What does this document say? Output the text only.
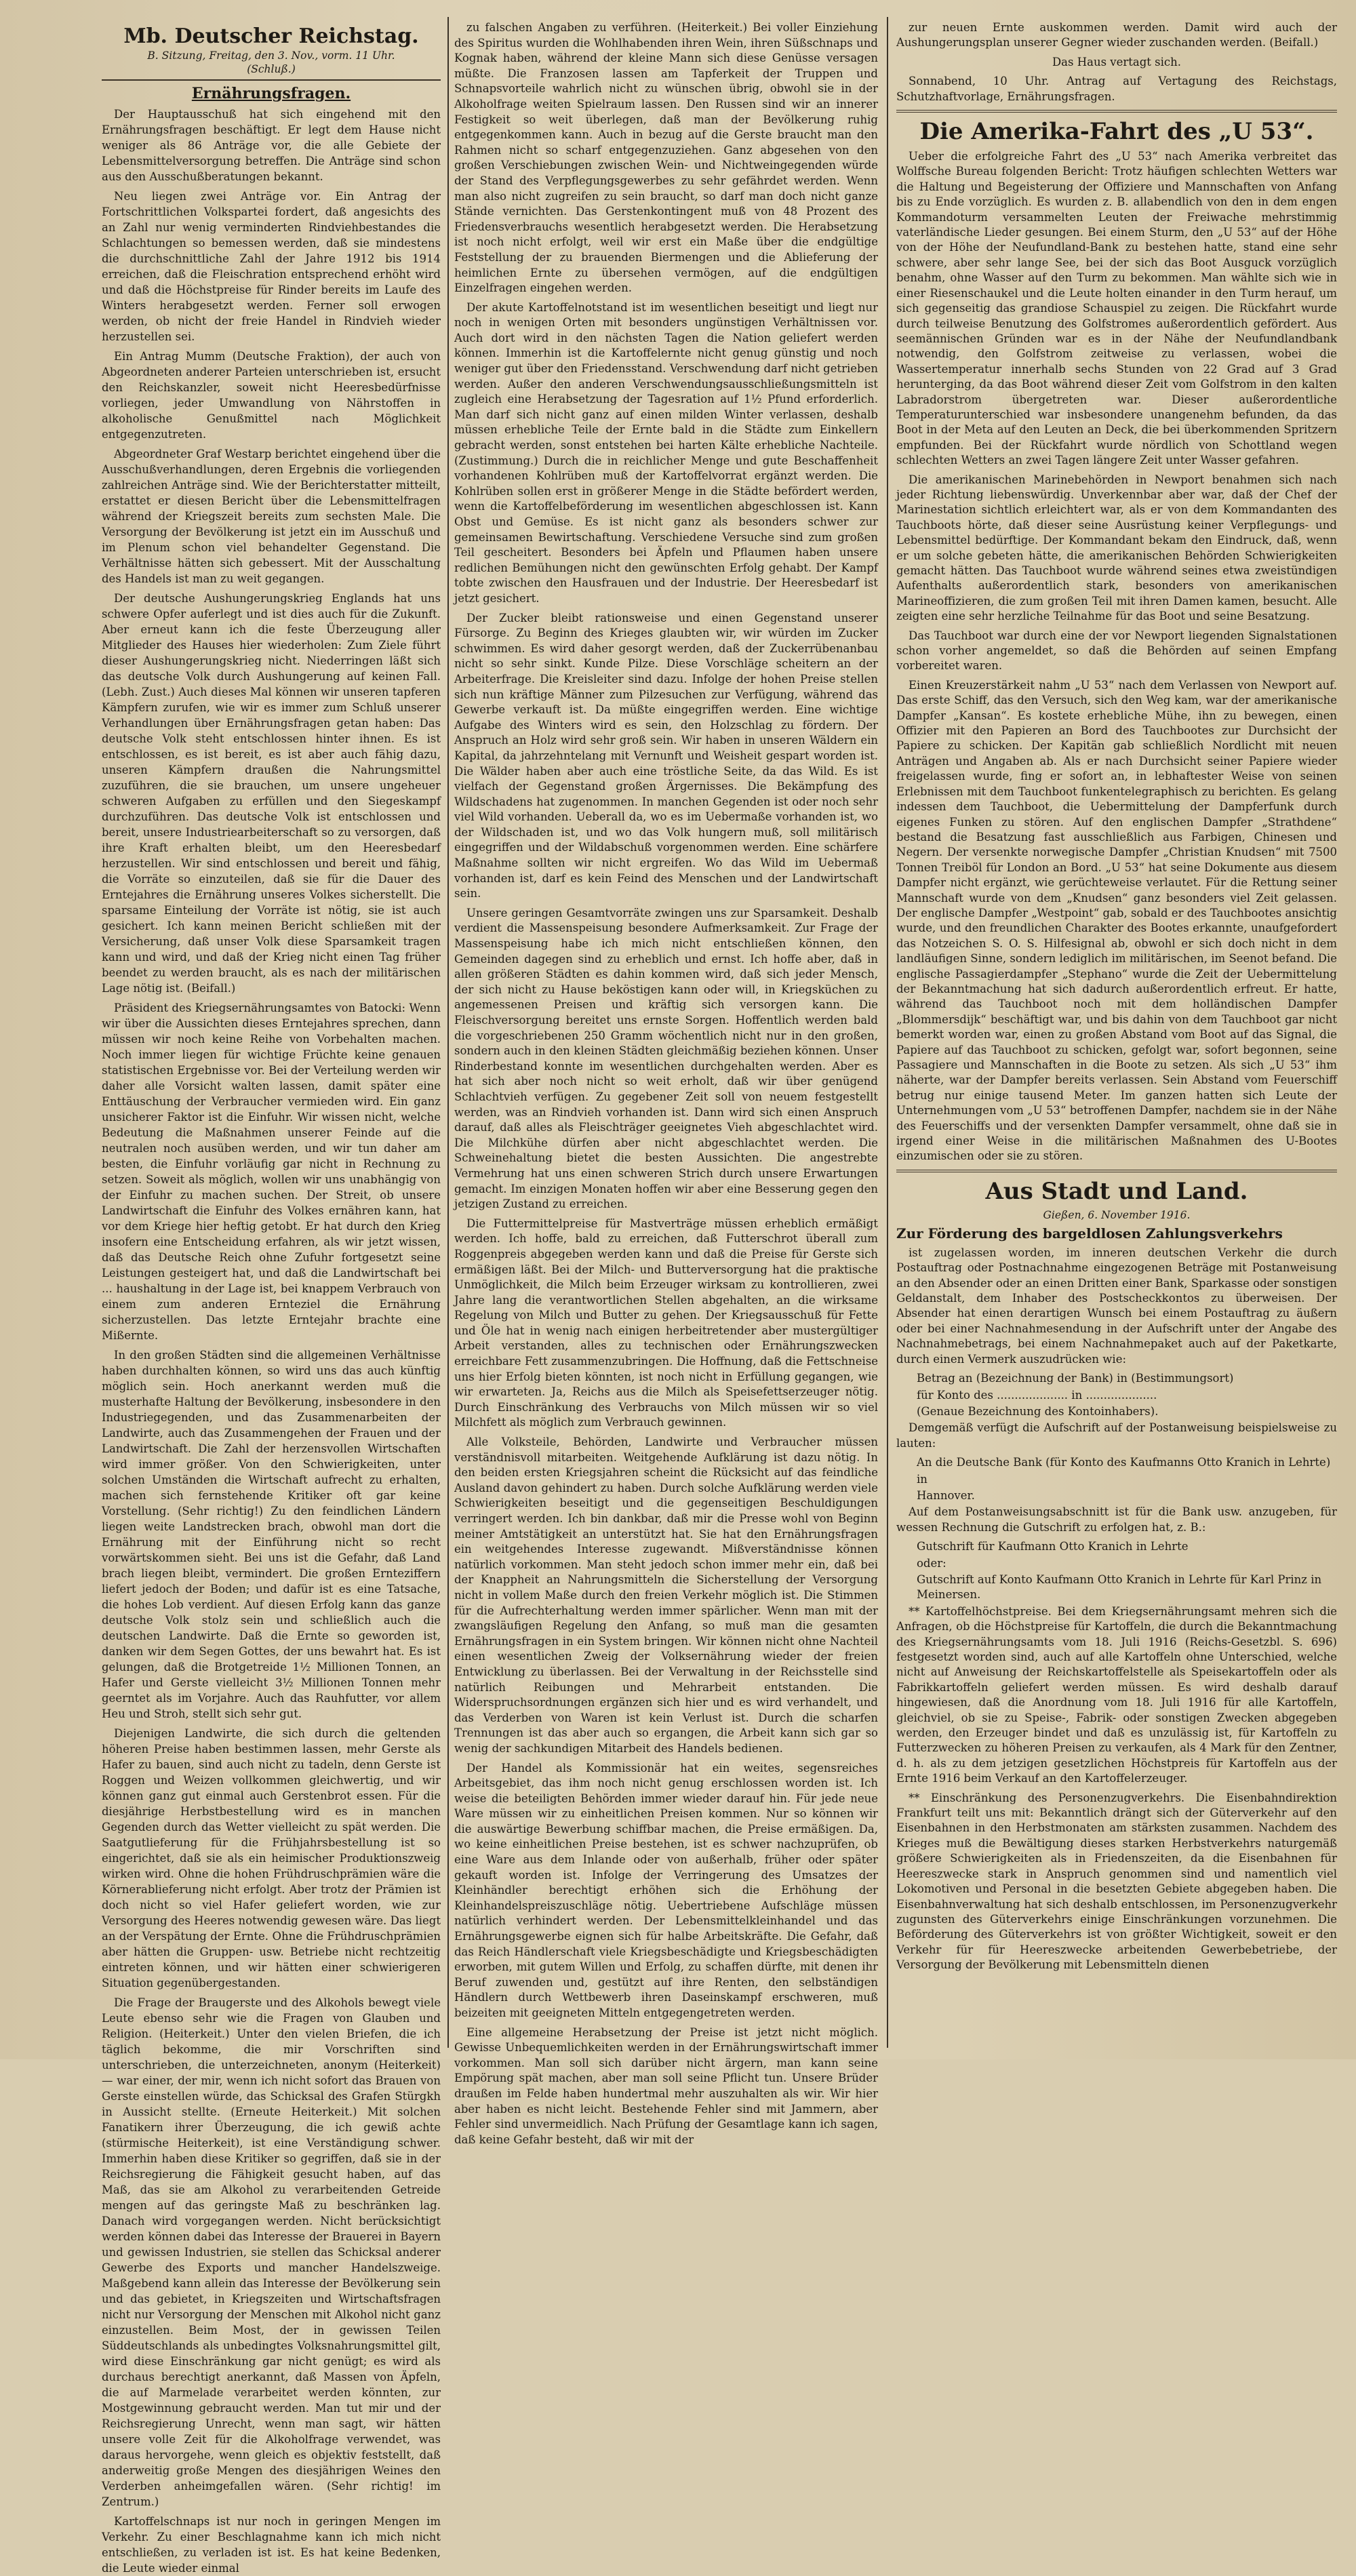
Mb. Deutscher Reichstag.
B. Sitzung, Freitag, den 3. Nov., vorm. 11 Uhr.
(Schluß.)
Ernährungsfragen.

Der Hauptausschuß hat sich eingehend mit den Ernährungsfragen beschäftigt. Er legt dem Hause nicht weniger als 86 Anträge vor, die alle Gebiete der Lebensmittelversorgung betreffen. Die Anträge sind schon aus den Ausschußberatungen bekannt.

Neu liegen zwei Anträge vor. Ein Antrag der Fortschrittlichen Volkspartei fordert, daß angesichts des an Zahl nur wenig verminderten Rindviehbestandes die Schlachtungen so bemessen werden, daß sie mindestens die durchschnittliche Zahl der Jahre 1912 bis 1914 erreichen, daß die Fleischration entsprechend erhöht wird und daß die Höchstpreise für Rinder bereits im Laufe des Winters herabgesetzt werden. Ferner soll erwogen werden, ob nicht der freie Handel in Rindvieh wieder herzustellen sei.

Ein Antrag Mumm (Deutsche Fraktion), der auch von Abgeordneten anderer Parteien unterschrieben ist, ersucht den Reichskanzler, soweit nicht Heeresbedürfnisse vorliegen, jeder Umwandlung von Nährstoffen in alkoholische Genußmittel nach Möglichkeit entgegenzutreten.

Abgeordneter Graf Westarp berichtet eingehend über die Ausschußverhandlungen, deren Ergebnis die vorliegenden zahlreichen Anträge sind. Wie der Berichterstatter mitteilt, erstattet er diesen Bericht über die Lebensmittelfragen während der Kriegszeit bereits zum sechsten Male. Die Versorgung der Bevölkerung ist jetzt ein im Ausschuß und im Plenum schon viel behandelter Gegenstand. Die Verhältnisse hätten sich gebessert. Mit der Ausschaltung des Handels ist man zu weit gegangen.

Der deutsche Aushungerungskrieg Englands hat uns schwere Opfer auferlegt und ist dies auch für die Zukunft. Aber erneut kann ich die feste Überzeugung aller Mitglieder des Hauses hier wiederholen: Zum Ziele führt dieser Aushungerungskrieg nicht. Niederringen läßt sich das deutsche Volk durch Aushungerung auf keinen Fall. (Lebh. Zust.) Auch dieses Mal können wir unseren tapferen Kämpfern zurufen, wie wir es immer zum Schluß unserer Verhandlungen über Ernährungsfragen getan haben: Das deutsche Volk steht entschlossen hinter ihnen. Es ist entschlossen, es ist bereit, es ist aber auch fähig dazu, unseren Kämpfern draußen die Nahrungsmittel zuzuführen, die sie brauchen, um unsere ungeheuer schweren Aufgaben zu erfüllen und den Siegeskampf durchzuführen. Das deutsche Volk ist entschlossen und bereit, unsere Industriearbeiterschaft so zu versorgen, daß ihre Kraft erhalten bleibt, um den Heeresbedarf herzustellen. Wir sind entschlossen und bereit und fähig, die Vorräte so einzuteilen, daß sie für die Dauer des Erntejahres die Ernährung unseres Volkes sicherstellt. Die sparsame Einteilung der Vorräte ist nötig, sie ist auch gesichert. Ich kann meinen Bericht schließen mit der Versicherung, daß unser Volk diese Sparsamkeit tragen kann und wird, und daß der Krieg nicht einen Tag früher beendet zu werden braucht, als es nach der militärischen Lage nötig ist. (Beifall.)

Präsident des Kriegsernährungsamtes von Batocki: Wenn wir über die Aussichten dieses Erntejahres sprechen, dann müssen wir noch keine Reihe von Vorbehalten machen. Noch immer liegen für wichtige Früchte keine genauen statistischen Ergebnisse vor. Bei der Verteilung werden wir daher alle Vorsicht walten lassen, damit später eine Enttäuschung der Verbraucher vermieden wird. Ein ganz unsicherer Faktor ist die Einfuhr. Wir wissen nicht, welche Bedeutung die Maßnahmen unserer Feinde auf die neutralen noch ausüben werden, und wir tun daher am besten, die Einfuhr vorläufig gar nicht in Rechnung zu setzen. Soweit als möglich, wollen wir uns unabhängig von der Einfuhr zu machen suchen. Der Streit, ob unsere Landwirtschaft die Einfuhr des Volkes ernähren kann, hat vor dem Kriege hier heftig getobt. Er hat durch den Krieg insofern eine Entscheidung erfahren, als wir jetzt wissen, daß das Deutsche Reich ohne Zufuhr fortgesetzt seine Leistungen gesteigert hat, und daß die Landwirtschaft bei ... haushaltung in der Lage ist, bei knappem Verbrauch von einem zum anderen Ernteziel die Ernährung sicherzustellen. Das letzte Erntejahr brachte eine Mißernte.

In den großen Städten sind die allgemeinen Verhältnisse haben durchhalten können, so wird uns das auch künftig möglich sein. Hoch anerkannt werden muß die musterhafte Haltung der Bevölkerung, insbesondere in den Industriegegenden, und das Zusammenarbeiten der Landwirte, auch das Zusammengehen der Frauen und der Landwirtschaft. Die Zahl der herzensvollen Wirtschaften wird immer größer. Von den Schwierigkeiten, unter solchen Umständen die Wirtschaft aufrecht zu erhalten, machen sich fernstehende Kritiker oft gar keine Vorstellung. (Sehr richtig!) Zu den feindlichen Ländern liegen weite Landstrecken brach, obwohl man dort die Ernährung mit der Einführung nicht so recht vorwärtskommen sieht. Bei uns ist die Gefahr, daß Land brach liegen bleibt, vermindert. Die großen Ernteziffern liefert jedoch der Boden; und dafür ist es eine Tatsache, die hohes Lob verdient. Auf diesen Erfolg kann das ganze deutsche Volk stolz sein und schließlich auch die deutschen Landwirte. Daß die Ernte so geworden ist, danken wir dem Segen Gottes, der uns bewahrt hat. Es ist gelungen, daß die Brotgetreide 1½ Millionen Tonnen, an Hafer und Gerste vielleicht 3½ Millionen Tonnen mehr geerntet als im Vorjahre. Auch das Rauhfutter, vor allem Heu und Stroh, stellt sich sehr gut.

Diejenigen Landwirte, die sich durch die geltenden höheren Preise haben bestimmen lassen, mehr Gerste als Hafer zu bauen, sind auch nicht zu tadeln, denn Gerste ist Roggen und Weizen vollkommen gleichwertig, und wir können ganz gut einmal auch Gerstenbrot essen. Für die diesjährige Herbstbestellung wird es in manchen Gegenden durch das Wetter vielleicht zu spät werden. Die Saatgutlieferung für die Frühjahrsbestellung ist so eingerichtet, daß sie als ein heimischer Produktionszweig wirken wird. Ohne die hohen Frühdruschprämien wäre die Körnerablieferung nicht erfolgt. Aber trotz der Prämien ist doch nicht so viel Hafer geliefert worden, wie zur Versorgung des Heeres notwendig gewesen wäre. Das liegt an der Verspätung der Ernte. Ohne die Frühdruschprämien aber hätten die Gruppen- usw. Betriebe nicht rechtzeitig eintreten können, und wir hätten einer schwierigeren Situation gegenübergestanden.

Die Frage der Braugerste und des Alkohols bewegt viele Leute ebenso sehr wie die Fragen von Glauben und Religion. (Heiterkeit.) Unter den vielen Briefen, die ich täglich bekomme, die mir Vorschriften sind unterschrieben, die unterzeichneten, anonym (Heiterkeit) — war einer, der mir, wenn ich nicht sofort das Brauen von Gerste einstellen würde, das Schicksal des Grafen Stürgkh in Aussicht stellte. (Erneute Heiterkeit.) Mit solchen Fanatikern ihrer Überzeugung, die ich gewiß achte (stürmische Heiterkeit), ist eine Verständigung schwer. Immerhin haben diese Kritiker so gegriffen, daß sie in der Reichsregierung die Fähigkeit gesucht haben, auf das Maß, das sie am Alkohol zu verarbeitenden Getreide mengen auf das geringste Maß zu beschränken lag. Danach wird vorgegangen werden. Nicht berücksichtigt werden können dabei das Interesse der Brauerei in Bayern und gewissen Industrien, sie stellen das Schicksal anderer Gewerbe des Exports und mancher Handelszweige. Maßgebend kann allein das Interesse der Bevölkerung sein und das gebietet, in Kriegszeiten und Wirtschaftsfragen nicht nur Versorgung der Menschen mit Alkohol nicht ganz einzustellen. Beim Most, der in gewissen Teilen Süddeutschlands als unbedingtes Volksnahrungsmittel gilt, wird diese Einschränkung gar nicht genügt; es wird als durchaus berechtigt anerkannt, daß Massen von Äpfeln, die auf Marmelade verarbeitet werden könnten, zur Mostgewinnung gebraucht werden. Man tut mir und der Reichsregierung Unrecht, wenn man sagt, wir hätten unsere volle Zeit für die Alkoholfrage verwendet, was daraus hervorgehe, wenn gleich es objektiv feststellt, daß anderweitig große Mengen des diesjährigen Weines den Verderben anheimgefallen wären. (Sehr richtig! im Zentrum.)

Kartoffelschnaps ist nur noch in geringen Mengen im Verkehr. Zu einer Beschlagnahme kann ich mich nicht entschließen, zu verladen ist ist. Es hat keine Bedenken, die Leute wieder einmal

zu falschen Angaben zu verführen. (Heiterkeit.) Bei voller Einziehung des Spiritus wurden die Wohlhabenden ihren Wein, ihren Süßschnaps und Kognak haben, während der kleine Mann sich diese Genüsse versagen müßte. Die Franzosen lassen am Tapferkeit der Truppen und Schnapsvorteile wahrlich nicht zu wünschen übrig, obwohl sie in der Alkoholfrage weiten Spielraum lassen. Den Russen sind wir an innerer Festigkeit so weit überlegen, daß man der Bevölkerung ruhig entgegenkommen kann. Auch in bezug auf die Gerste braucht man den Rahmen nicht so scharf entgegenzuziehen. Ganz abgesehen von den großen Verschiebungen zwischen Wein- und Nichtweingegenden würde der Stand des Verpflegungsgewerbes zu sehr gefährdet werden. Wenn man also nicht zugreifen zu sein braucht, so darf man doch nicht ganze Stände vernichten. Das Gerstenkontingent muß von 48 Prozent des Friedensverbrauchs wesentlich herabgesetzt werden. Die Herabsetzung ist noch nicht erfolgt, weil wir erst ein Maße über die endgültige Feststellung der zu brauenden Biermengen und die Ablieferung der heimlichen Ernte zu übersehen vermögen, auf die endgültigen Einzelfragen eingehen werden.

Der akute Kartoffelnotstand ist im wesentlichen beseitigt und liegt nur noch in wenigen Orten mit besonders ungünstigen Verhältnissen vor. Auch dort wird in den nächsten Tagen die Nation geliefert werden können. Immerhin ist die Kartoffelernte nicht genug günstig und noch weniger gut über den Friedensstand. Verschwendung darf nicht getrieben werden. Außer den anderen Verschwendungsausschließungsmitteln ist zugleich eine Herabsetzung der Tagesration auf 1½ Pfund erforderlich. Man darf sich nicht ganz auf einen milden Winter verlassen, deshalb müssen erhebliche Teile der Ernte bald in die Städte zum Einkellern gebracht werden, sonst entstehen bei harten Kälte erhebliche Nachteile. (Zustimmung.) Durch die in reichlicher Menge und gute Beschaffenheit vorhandenen Kohlrüben muß der Kartoffelvorrat ergänzt werden. Die Kohlrüben sollen erst in größerer Menge in die Städte befördert werden, wenn die Kartoffelbeförderung im wesentlichen abgeschlossen ist. Kann Obst und Gemüse. Es ist nicht ganz als besonders schwer zur gemeinsamen Bewirtschaftung. Verschiedene Versuche sind zum großen Teil gescheitert. Besonders bei Äpfeln und Pflaumen haben unsere redlichen Bemühungen nicht den gewünschten Erfolg gehabt. Der Kampf tobte zwischen den Hausfrauen und der Industrie. Der Heeresbedarf ist jetzt gesichert.

Der Zucker bleibt rationsweise und einen Gegenstand unserer Fürsorge. Zu Beginn des Krieges glaubten wir, wir würden im Zucker schwimmen. Es wird daher gesorgt werden, daß der Zuckerrübenanbau nicht so sehr sinkt. Kunde Pilze. Diese Vorschläge scheitern an der Arbeiterfrage. Die Kreisleiter sind dazu. Infolge der hohen Preise stellen sich nun kräftige Männer zum Pilzesuchen zur Verfügung, während das Gewerbe verkauft ist. Da müßte eingegriffen werden. Eine wichtige Aufgabe des Winters wird es sein, den Holzschlag zu fördern. Der Anspruch an Holz wird sehr groß sein. Wir haben in unseren Wäldern ein Kapital, da jahrzehntelang mit Vernunft und Weisheit gespart worden ist. Die Wälder haben aber auch eine tröstliche Seite, da das Wild. Es ist vielfach der Gegenstand großen Ärgernisses. Die Bekämpfung des Wildschadens hat zugenommen. In manchen Gegenden ist oder noch sehr viel Wild vorhanden. Ueberall da, wo es im Uebermaße vorhanden ist, wo der Wildschaden ist, und wo das Volk hungern muß, soll militärisch eingegriffen und der Wildabschuß vorgenommen werden. Eine schärfere Maßnahme sollten wir nicht ergreifen. Wo das Wild im Uebermaß vorhanden ist, darf es kein Feind des Menschen und der Landwirtschaft sein.

Unsere geringen Gesamtvorräte zwingen uns zur Sparsamkeit. Deshalb verdient die Massenspeisung besondere Aufmerksamkeit. Zur Frage der Massenspeisung habe ich mich nicht entschließen können, den Gemeinden dagegen sind zu erheblich und ernst. Ich hoffe aber, daß in allen größeren Städten es dahin kommen wird, daß sich jeder Mensch, der sich nicht zu Hause beköstigen kann oder will, in Kriegsküchen zu angemessenen Preisen und kräftig sich versorgen kann. Die Fleischversorgung bereitet uns ernste Sorgen. Hoffentlich werden bald die vorgeschriebenen 250 Gramm wöchentlich nicht nur in den großen, sondern auch in den kleinen Städten gleichmäßig beziehen können. Unser Rinderbestand konnte im wesentlichen durchgehalten werden. Aber es hat sich aber noch nicht so weit erholt, daß wir über genügend Schlachtvieh verfügen. Zu gegebener Zeit soll von neuem festgestellt werden, was an Rindvieh vorhanden ist. Dann wird sich einen Anspruch darauf, daß alles als Fleischträger geeignetes Vieh abgeschlachtet wird. Die Milchkühe dürfen aber nicht abgeschlachtet werden. Die Schweinehaltung bietet die besten Aussichten. Die angestrebte Vermehrung hat uns einen schweren Strich durch unsere Erwartungen gemacht. Im einzigen Monaten hoffen wir aber eine Besserung gegen den jetzigen Zustand zu erreichen.

Die Futtermittelpreise für Mastverträge müssen erheblich ermäßigt werden. Ich hoffe, bald zu erreichen, daß Futterschrot überall zum Roggenpreis abgegeben werden kann und daß die Preise für Gerste sich ermäßigen läßt. Bei der Milch- und Butterversorgung hat die praktische Unmöglichkeit, die Milch beim Erzeuger wirksam zu kontrollieren, zwei Jahre lang die verantwortlichen Stellen abgehalten, an die wirksame Regelung von Milch und Butter zu gehen. Der Kriegsausschuß für Fette und Öle hat in wenig nach einigen herbeitretender aber mustergültiger Arbeit verstanden, alles zu technischen oder Ernährungszwecken erreichbare Fett zusammenzubringen. Die Hoffnung, daß die Fettschneise uns hier Erfolg bieten könnten, ist noch nicht in Erfüllung gegangen, wie wir erwarteten. Ja, Reichs aus die Milch als Speisefettserzeuger nötig. Durch Einschränkung des Verbrauchs von Milch müssen wir so viel Milchfett als möglich zum Verbrauch gewinnen.

Alle Volksteile, Behörden, Landwirte und Verbraucher müssen verständnisvoll mitarbeiten. Weitgehende Aufklärung ist dazu nötig. In den beiden ersten Kriegsjahren scheint die Rücksicht auf das feindliche Ausland davon gehindert zu haben. Durch solche Aufklärung werden viele Schwierigkeiten beseitigt und die gegenseitigen Beschuldigungen verringert werden. Ich bin dankbar, daß mir die Presse wohl von Beginn meiner Amtstätigkeit an unterstützt hat. Sie hat den Ernährungsfragen ein weitgehendes Interesse zugewandt. Mißverständnisse können natürlich vorkommen. Man steht jedoch schon immer mehr ein, daß bei der Knappheit an Nahrungsmitteln die Sicherstellung der Versorgung nicht in vollem Maße durch den freien Verkehr möglich ist. Die Stimmen für die Aufrechterhaltung werden immer spärlicher. Wenn man mit der zwangsläufigen Regelung den Anfang, so muß man die gesamten Ernährungsfragen in ein System bringen. Wir können nicht ohne Nachteil einen wesentlichen Zweig der Volksernährung wieder der freien Entwicklung zu überlassen. Bei der Verwaltung in der Reichsstelle sind natürlich Reibungen und Mehrarbeit entstanden. Die Widerspruchsordnungen ergänzen sich hier und es wird verhandelt, und das Verderben von Waren ist kein Verlust ist. Durch die scharfen Trennungen ist das aber auch so ergangen, die Arbeit kann sich gar so wenig der sachkundigen Mitarbeit des Handels bedienen.

Der Handel als Kommissionär hat ein weites, segensreiches Arbeitsgebiet, das ihm noch nicht genug erschlossen worden ist. Ich weise die beteiligten Behörden immer wieder darauf hin. Für jede neue Ware müssen wir zu einheitlichen Preisen kommen. Nur so können wir die auswärtige Bewerbung schiffbar machen, die Preise ermäßigen. Da, wo keine einheitlichen Preise bestehen, ist es schwer nachzuprüfen, ob eine Ware aus dem Inlande oder von außerhalb, früher oder später gekauft worden ist. Infolge der Verringerung des Umsatzes der Kleinhändler berechtigt erhöhen sich die Erhöhung der Kleinhandelspreiszuschläge nötig. Uebertriebene Aufschläge müssen natürlich verhindert werden. Der Lebensmittelkleinhandel und das Ernährungsgewerbe eignen sich für halbe Arbeitskräfte. Die Gefahr, daß das Reich Händlerschaft viele Kriegsbeschädigte und Kriegsbeschädigten erworben, mit gutem Willen und Erfolg, zu schaffen dürfte, mit denen ihr Beruf zuwenden und, gestützt auf ihre Renten, den selbständigen Händlern durch Wettbewerb ihren Daseinskampf erschweren, muß beizeiten mit geeigneten Mitteln entgegengetreten werden.

Eine allgemeine Herabsetzung der Preise ist jetzt nicht möglich. Gewisse Unbequemlichkeiten werden in der Ernährungswirtschaft immer vorkommen. Man soll sich darüber nicht ärgern, man kann seine Empörung spät machen, aber man soll seine Pflicht tun. Unsere Brüder draußen im Felde haben hundertmal mehr auszuhalten als wir. Wir hier aber haben es nicht leicht. Bestehende Fehler sind mit Jammern, aber Fehler sind unvermeidlich. Nach Prüfung der Gesamtlage kann ich sagen, daß keine Gefahr besteht, daß wir mit der

zur neuen Ernte auskommen werden. Damit wird auch der Aushungerungsplan unserer Gegner wieder zuschanden werden. (Beifall.)

Das Haus vertagt sich.

Sonnabend, 10 Uhr. Antrag auf Vertagung des Reichstags, Schutzhaftvorlage, Ernährungsfragen.

Die Amerika-Fahrt des „U 53“.

Ueber die erfolgreiche Fahrt des „U 53“ nach Amerika verbreitet das Wolffsche Bureau folgenden Bericht: Trotz häufigen schlechten Wetters war die Haltung und Begeisterung der Offiziere und Mannschaften von Anfang bis zu Ende vorzüglich. Es wurden z. B. allabendlich von den in dem engen Kommandoturm versammelten Leuten der Freiwache mehrstimmig vaterländische Lieder gesungen. Bei einem Sturm, den „U 53“ auf der Höhe von der Höhe der Neufundland-Bank zu bestehen hatte, stand eine sehr schwere, aber sehr lange See, bei der sich das Boot Ausguck vorzüglich benahm, ohne Wasser auf den Turm zu bekommen. Man wählte sich wie in einer Riesenschaukel und die Leute holten einander in den Turm herauf, um sich gegenseitig das grandiose Schauspiel zu zeigen. Die Rückfahrt wurde durch teilweise Benutzung des Golfstromes außerordentlich gefördert. Aus seemännischen Gründen war es in der Nähe der Neufundlandbank notwendig, den Golfstrom zeitweise zu verlassen, wobei die Wassertemperatur innerhalb sechs Stunden von 22 Grad auf 3 Grad herunterging, da das Boot während dieser Zeit vom Golfstrom in den kalten Labradorstrom übergetreten war. Dieser außerordentliche Temperaturunterschied war insbesondere unangenehm befunden, da das Boot in der Meta auf den Leuten an Deck, die bei überkommenden Spritzern empfunden. Bei der Rückfahrt wurde nördlich von Schottland wegen schlechten Wetters an zwei Tagen längere Zeit unter Wasser gefahren.

Die amerikanischen Marinebehörden in Newport benahmen sich nach jeder Richtung liebenswürdig. Unverkennbar aber war, daß der Chef der Marinestation sichtlich erleichtert war, als er von dem Kommandanten des Tauchboots hörte, daß dieser seine Ausrüstung keiner Verpflegungs- und Lebensmittel bedürftige. Der Kommandant bekam den Eindruck, daß, wenn er um solche gebeten hätte, die amerikanischen Behörden Schwierigkeiten gemacht hätten. Das Tauchboot wurde während seines etwa zweistündigen Aufenthalts außerordentlich stark, besonders von amerikanischen Marineoffizieren, die zum großen Teil mit ihren Damen kamen, besucht. Alle zeigten eine sehr herzliche Teilnahme für das Boot und seine Besatzung.

Das Tauchboot war durch eine der vor Newport liegenden Signalstationen schon vorher angemeldet, so daß die Behörden auf seinen Empfang vorbereitet waren.

Einen Kreuzerstärkeit nahm „U 53“ nach dem Verlassen von Newport auf. Das erste Schiff, das den Versuch, sich den Weg kam, war der amerikanische Dampfer „Kansan“. Es kostete erhebliche Mühe, ihn zu bewegen, einen Offizier mit den Papieren an Bord des Tauchbootes zur Durchsicht der Papiere zu schicken. Der Kapitän gab schließlich Nordlicht mit neuen Anträgen und Angaben ab. Als er nach Durchsicht seiner Papiere wieder freigelassen wurde, fing er sofort an, in lebhaftester Weise von seinen Erlebnissen mit dem Tauchboot funkentelegraphisch zu berichten. Es gelang indessen dem Tauchboot, die Uebermittelung der Dampferfunk durch eigenes Funken zu stören. Auf den englischen Dampfer „Strathdene“ bestand die Besatzung fast ausschließlich aus Farbigen, Chinesen und Negern. Der versenkte norwegische Dampfer „Christian Knudsen“ mit 7500 Tonnen Treiböl für London an Bord. „U 53“ hat seine Dokumente aus diesem Dampfer nicht ergänzt, wie gerüchteweise verlautet. Für die Rettung seiner Mannschaft wurde von dem „Knudsen“ ganz besonders viel Zeit gelassen. Der englische Dampfer „Westpoint“ gab, sobald er des Tauchbootes ansichtig wurde, und den freundlichen Charakter des Bootes erkannte, unaufgefordert das Notzeichen S. O. S. Hilfesignal ab, obwohl er sich doch nicht in dem landläufigen Sinne, sondern lediglich im militärischen, im Seenot befand. Die englische Passagierdampfer „Stephano“ wurde die Zeit der Uebermittelung der Bekanntmachung hat sich dadurch außerordentlich erfreut. Er hatte, während das Tauchboot noch mit dem holländischen Dampfer „Blommersdijk“ beschäftigt war, und bis dahin von dem Tauchboot gar nicht bemerkt worden war, einen zu großen Abstand vom Boot auf das Signal, die Papiere auf das Tauchboot zu schicken, gefolgt war, sofort begonnen, seine Passagiere und Mannschaften in die Boote zu setzen. Als sich „U 53“ ihm näherte, war der Dampfer bereits verlassen. Sein Abstand vom Feuerschiff betrug nur einige tausend Meter. Im ganzen hatten sich Leute der Unternehmungen vom „U 53“ betroffenen Dampfer, nachdem sie in der Nähe des Feuerschiffs und der versenkten Dampfer versammelt, ohne daß sie in irgend einer Weise in die militärischen Maßnahmen des U-Bootes einzumischen oder sie zu stören.

Aus Stadt und Land.
Gießen, 6. November 1916.
Zur Förderung des bargeldlosen Zahlungsverkehrs

ist zugelassen worden, im inneren deutschen Verkehr die durch Postauftrag oder Postnachnahme eingezogenen Beträge mit Postanweisung an den Absender oder an einen Dritten einer Bank, Sparkasse oder sonstigen Geldanstalt, dem Inhaber des Postscheckkontos zu überweisen. Der Absender hat einen derartigen Wunsch bei einem Postauftrag zu äußern oder bei einer Nachnahmesendung in der Aufschrift unter der Angabe des Nachnahmebetrags, bei einem Nachnahmepaket auch auf der Paketkarte, durch einen Vermerk auszudrücken wie:

Betrag an (Bezeichnung der Bank) in (Bestimmungsort)

für Konto des .................... in ....................

(Genaue Bezeichnung des Kontoinhabers).

Demgemäß verfügt die Aufschrift auf der Postanweisung beispielsweise zu lauten:

An die Deutsche Bank (für Konto des Kaufmanns Otto Kranich in Lehrte)

in

Hannover.

Auf dem Postanweisungsabschnitt ist für die Bank usw. anzugeben, für wessen Rechnung die Gutschrift zu erfolgen hat, z. B.:

Gutschrift für Kaufmann Otto Kranich in Lehrte

oder:

Gutschrift auf Konto Kaufmann Otto Kranich in Lehrte für Karl Prinz in Meinersen.

** Kartoffelhöchstpreise. Bei dem Kriegsernährungsamt mehren sich die Anfragen, ob die Höchstpreise für Kartoffeln, die durch die Bekanntmachung des Kriegsernährungsamts vom 18. Juli 1916 (Reichs-Gesetzbl. S. 696) festgesetzt worden sind, auch auf alle Kartoffeln ohne Unterschied, welche nicht auf Anweisung der Reichskartoffelstelle als Speisekartoffeln oder als Fabrikkartoffeln geliefert werden müssen. Es wird deshalb darauf hingewiesen, daß die Anordnung vom 18. Juli 1916 für alle Kartoffeln, gleichviel, ob sie zu Speise-, Fabrik- oder sonstigen Zwecken abgegeben werden, den Erzeuger bindet und daß es unzulässig ist, für Kartoffeln zu Futterzwecken zu höheren Preisen zu verkaufen, als 4 Mark für den Zentner, d. h. als zu dem jetzigen gesetzlichen Höchstpreis für Kartoffeln aus der Ernte 1916 beim Verkauf an den Kartoffelerzeuger.

** Einschränkung des Personenzugverkehrs. Die Eisenbahndirektion Frankfurt teilt uns mit: Bekanntlich drängt sich der Güterverkehr auf den Eisenbahnen in den Herbstmonaten am stärksten zusammen. Nachdem des Krieges muß die Bewältigung dieses starken Herbstverkehrs naturgemäß größere Schwierigkeiten als in Friedenszeiten, da die Eisenbahnen für Heereszwecke stark in Anspruch genommen sind und namentlich viel Lokomotiven und Personal in die besetzten Gebiete abgegeben haben. Die Eisenbahnverwaltung hat sich deshalb entschlossen, im Personenzugverkehr zugunsten des Güterverkehrs einige Einschränkungen vorzunehmen. Die Beförderung des Güterverkehrs ist von größter Wichtigkeit, soweit er den Verkehr für für Heereszwecke arbeitenden Gewerbebetriebe, der Versorgung der Bevölkerung mit Lebensmitteln dienen
